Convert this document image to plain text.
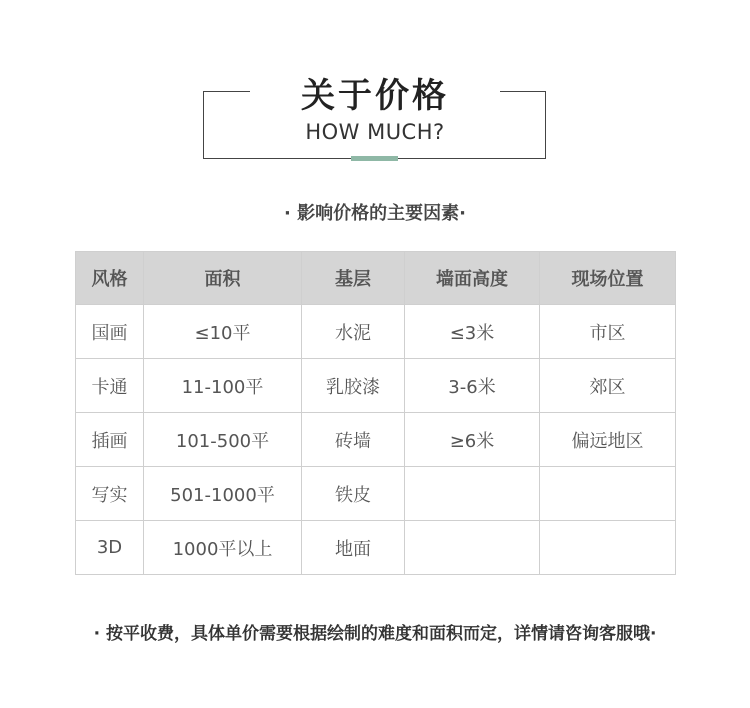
关于价格
HOW MUCH?
· 影响价格的主要因素·
风格	面积	基层	墙面高度	现场位置
国画	≤10平	水泥	≤3米	市区
卡通	11-100平	乳胶漆	3-6米	郊区
插画	101-500平	砖墙	≥6米	偏远地区
写实	501-1000平	铁皮		
3D	1000平以上	地面		
· 按平收费，具体单价需要根据绘制的难度和面积而定，详情请咨询客服哦·
